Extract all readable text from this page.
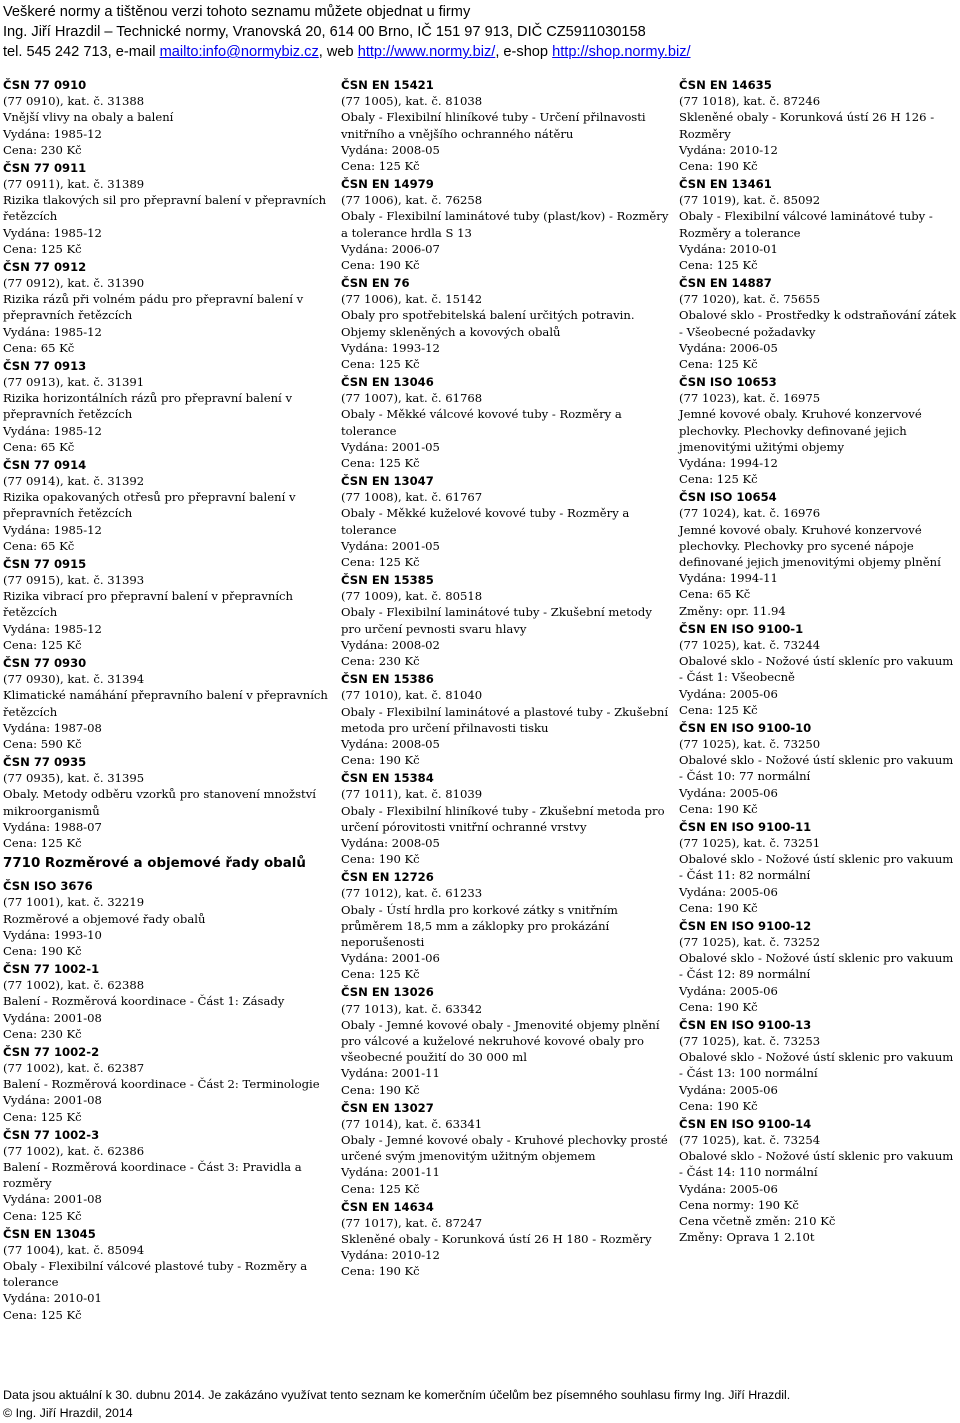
Veškeré normy a tištěnou verzi tohoto seznamu můžete objednat u firmy
Ing. Jiří Hrazdil – Technické normy, Vranovská 20, 614 00 Brno, IČ 151 97 913, DIČ CZ5911030158
tel. 545 242 713, e-mail mailto:info@normybiz.cz, web http://www.normy.biz/, e-shop http://shop.normy.biz/
ČSN 77 0910
(77 0910), kat. č. 31388
Vnější vlivy na obaly a balení
Vydána: 1985-12
Cena: 230 Kč
ČSN 77 0911
(77 0911), kat. č. 31389
Rizika tlakových sil pro přepravní balení v přepravních řetězcích
Vydána: 1985-12
Cena: 125 Kč
ČSN 77 0912
(77 0912), kat. č. 31390
Rizika rázů při volném pádu pro přepravní balení v přepravních řetězcích
Vydána: 1985-12
Cena: 65 Kč
ČSN 77 0913
(77 0913), kat. č. 31391
Rizika horizontálních rázů pro přepravní balení v přepravních řetězcích
Vydána: 1985-12
Cena: 65 Kč
ČSN 77 0914
(77 0914), kat. č. 31392
Rizika opakovaných otřesů pro přepravní balení v přepravních řetězcích
Vydána: 1985-12
Cena: 65 Kč
ČSN 77 0915
(77 0915), kat. č. 31393
Rizika vibrací pro přepravní balení v přepravních řetězcích
Vydána: 1985-12
Cena: 125 Kč
ČSN 77 0930
(77 0930), kat. č. 31394
Klimatické namáhání přepravního balení v přepravních řetězcích
Vydána: 1987-08
Cena: 590 Kč
ČSN 77 0935
(77 0935), kat. č. 31395
Obaly. Metody odběru vzorků pro stanovení množství mikroorganismů
Vydána: 1988-07
Cena: 125 Kč
7710 Rozměrové a objemové řady obalů
ČSN ISO 3676
(77 1001), kat. č. 32219
Rozměrové a objemové řady obalů
Vydána: 1993-10
Cena: 190 Kč
ČSN 77 1002-1
(77 1002), kat. č. 62388
Balení - Rozměrová koordinace - Část 1: Zásady
Vydána: 2001-08
Cena: 230 Kč
ČSN 77 1002-2
(77 1002), kat. č. 62387
Balení - Rozměrová koordinace - Část 2: Terminologie
Vydána: 2001-08
Cena: 125 Kč
ČSN 77 1002-3
(77 1002), kat. č. 62386
Balení - Rozměrová koordinace - Část 3: Pravidla a rozměry
Vydána: 2001-08
Cena: 125 Kč
ČSN EN 13045
(77 1004), kat. č. 85094
Obaly - Flexibilní válcové plastové tuby - Rozměry a tolerance
Vydána: 2010-01
Cena: 125 Kč
ČSN EN 15421
(77 1005), kat. č. 81038
Obaly - Flexibilní hliníkové tuby - Určení přilnavosti vnitřního a vnějšího ochranného nátěru
Vydána: 2008-05
Cena: 125 Kč
ČSN EN 14979
(77 1006), kat. č. 76258
Obaly - Flexibilní laminátové tuby (plast/kov) - Rozměry a tolerance hrdla S 13
Vydána: 2006-07
Cena: 190 Kč
ČSN EN 76
(77 1006), kat. č. 15142
Obaly pro spotřebitelská balení určitých potravin. Objemy skleněných a kovových obalů
Vydána: 1993-12
Cena: 125 Kč
ČSN EN 13046
(77 1007), kat. č. 61768
Obaly - Měkké válcové kovové tuby - Rozměry a tolerance
Vydána: 2001-05
Cena: 125 Kč
ČSN EN 13047
(77 1008), kat. č. 61767
Obaly - Měkké kuželové kovové tuby - Rozměry a tolerance
Vydána: 2001-05
Cena: 125 Kč
ČSN EN 15385
(77 1009), kat. č. 80518
Obaly - Flexibilní laminátové tuby - Zkušební metody pro určení pevnosti svaru hlavy
Vydána: 2008-02
Cena: 230 Kč
ČSN EN 15386
(77 1010), kat. č. 81040
Obaly - Flexibilní laminátové a plastové tuby - Zkušební metoda pro určení přilnavosti tisku
Vydána: 2008-05
Cena: 190 Kč
ČSN EN 15384
(77 1011), kat. č. 81039
Obaly - Flexibilní hliníkové tuby - Zkušební metoda pro určení pórovitosti vnitřní ochranné vrstvy
Vydána: 2008-05
Cena: 190 Kč
ČSN EN 12726
(77 1012), kat. č. 61233
Obaly - Ústí hrdla pro korkové zátky s vnitřním průměrem 18,5 mm a záklopky pro prokázání neporušenosti
Vydána: 2001-06
Cena: 125 Kč
ČSN EN 13026
(77 1013), kat. č. 63342
Obaly - Jemné kovové obaly - Jmenovité objemy plnění pro válcové a kuželové nekruhové kovové obaly pro všeobecné použití do 30 000 ml
Vydána: 2001-11
Cena: 190 Kč
ČSN EN 13027
(77 1014), kat. č. 63341
Obaly - Jemné kovové obaly - Kruhové plechovky prosté určené svým jmenovitým užitným objemem
Vydána: 2001-11
Cena: 125 Kč
ČSN EN 14634
(77 1017), kat. č. 87247
Skleněné obaly - Korunková ústí 26 H 180 - Rozměry
Vydána: 2010-12
Cena: 190 Kč
ČSN EN 14635
(77 1018), kat. č. 87246
Skleněné obaly - Korunková ústí 26 H 126 - Rozměry
Vydána: 2010-12
Cena: 190 Kč
ČSN EN 13461
(77 1019), kat. č. 85092
Obaly - Flexibilní válcové laminátové tuby - Rozměry a tolerance
Vydána: 2010-01
Cena: 125 Kč
ČSN EN 14887
(77 1020), kat. č. 75655
Obalové sklo - Prostředky k odstraňování zátek - Všeobecné požadavky
Vydána: 2006-05
Cena: 125 Kč
ČSN ISO 10653
(77 1023), kat. č. 16975
Jemné kovové obaly. Kruhové konzervové plechovky. Plechovky definované jejich jmenovitými užitými objemy
Vydána: 1994-12
Cena: 125 Kč
ČSN ISO 10654
(77 1024), kat. č. 16976
Jemné kovové obaly. Kruhové konzervové plechovky. Plechovky pro sycené nápoje definované jejich jmenovitými objemy plnění
Vydána: 1994-11
Cena: 65 Kč
Změny: opr. 11.94
ČSN EN ISO 9100-1
(77 1025), kat. č. 73244
Obalové sklo - Nožové ústí skleníc pro vakuum - Část 1: Všeobecně
Vydána: 2005-06
Cena: 125 Kč
ČSN EN ISO 9100-10
(77 1025), kat. č. 73250
Obalové sklo - Nožové ústí sklenic pro vakuum - Část 10: 77 normální
Vydána: 2005-06
Cena: 190 Kč
ČSN EN ISO 9100-11
(77 1025), kat. č. 73251
Obalové sklo - Nožové ústí sklenic pro vakuum - Část 11: 82 normální
Vydána: 2005-06
Cena: 190 Kč
ČSN EN ISO 9100-12
(77 1025), kat. č. 73252
Obalové sklo - Nožové ústí sklenic pro vakuum - Část 12: 89 normální
Vydána: 2005-06
Cena: 190 Kč
ČSN EN ISO 9100-13
(77 1025), kat. č. 73253
Obalové sklo - Nožové ústí sklenic pro vakuum - Část 13: 100 normální
Vydána: 2005-06
Cena: 190 Kč
ČSN EN ISO 9100-14
(77 1025), kat. č. 73254
Obalové sklo - Nožové ústí sklenic pro vakuum - Část 14: 110 normální
Vydána: 2005-06
Cena normy: 190 Kč
Cena včetně změn: 210 Kč
Změny: Oprava 1 2.10t
Data jsou aktuální k 30. dubnu 2014. Je zakázáno využívat tento seznam ke komerčním účelům bez písemného souhlasu firmy Ing. Jiří Hrazdil.
© Ing. Jiří Hrazdil, 2014
